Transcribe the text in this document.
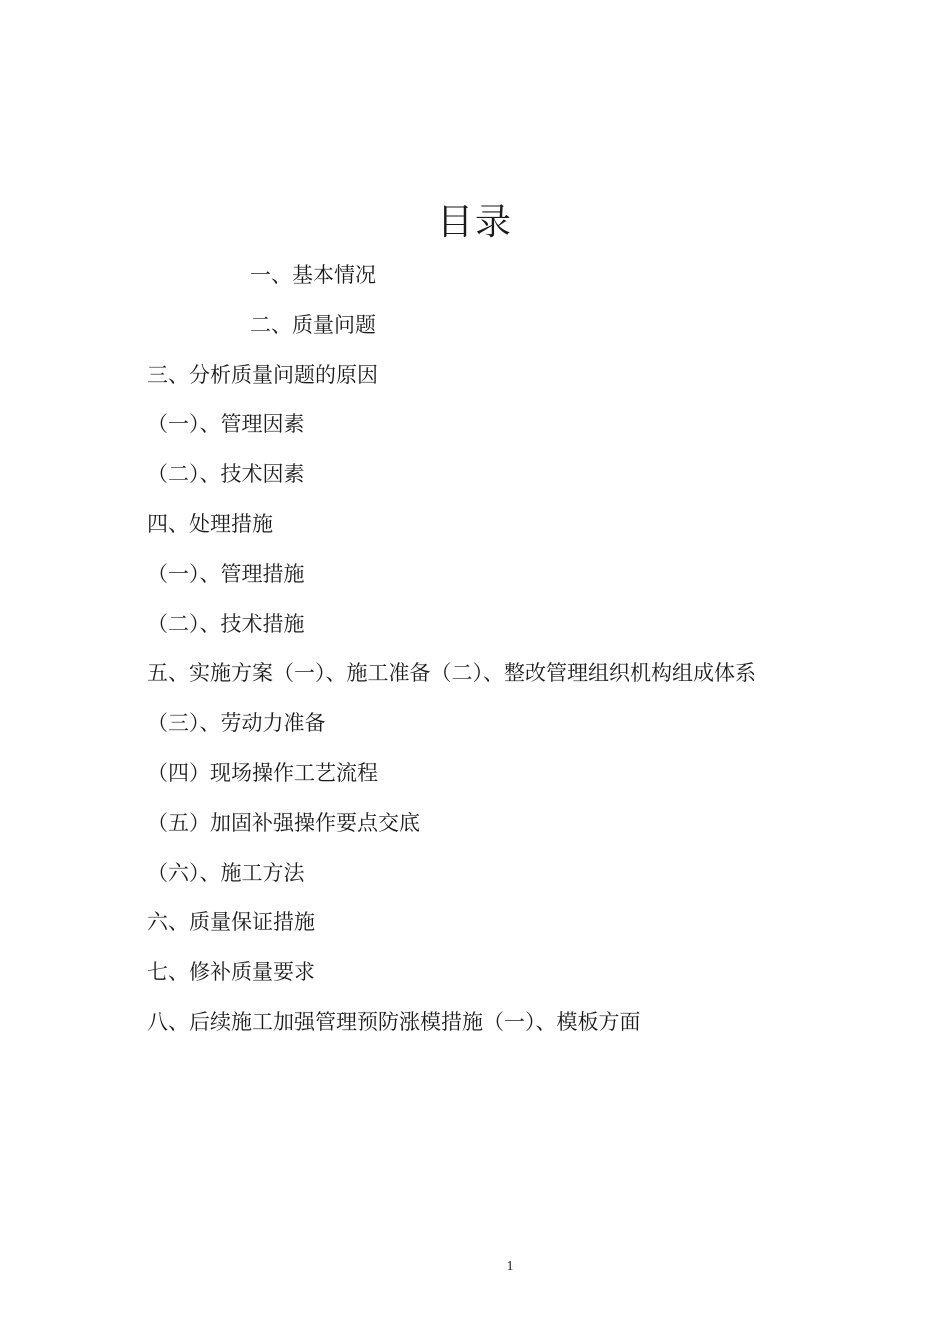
目录
一、基本情况
二、质量问题
三、分析质量问题的原因
（一）、管理因素
（二）、技术因素
四、处理措施
（一）、管理措施
（二）、技术措施
五、实施方案（一）、施工准备（二）、整改管理组织机构组成体系
（三）、劳动力准备
（四）现场操作工艺流程
（五）加固补强操作要点交底
（六）、施工方法
六、质量保证措施
七、修补质量要求
八、后续施工加强管理预防涨模措施（一）、模板方面
1
